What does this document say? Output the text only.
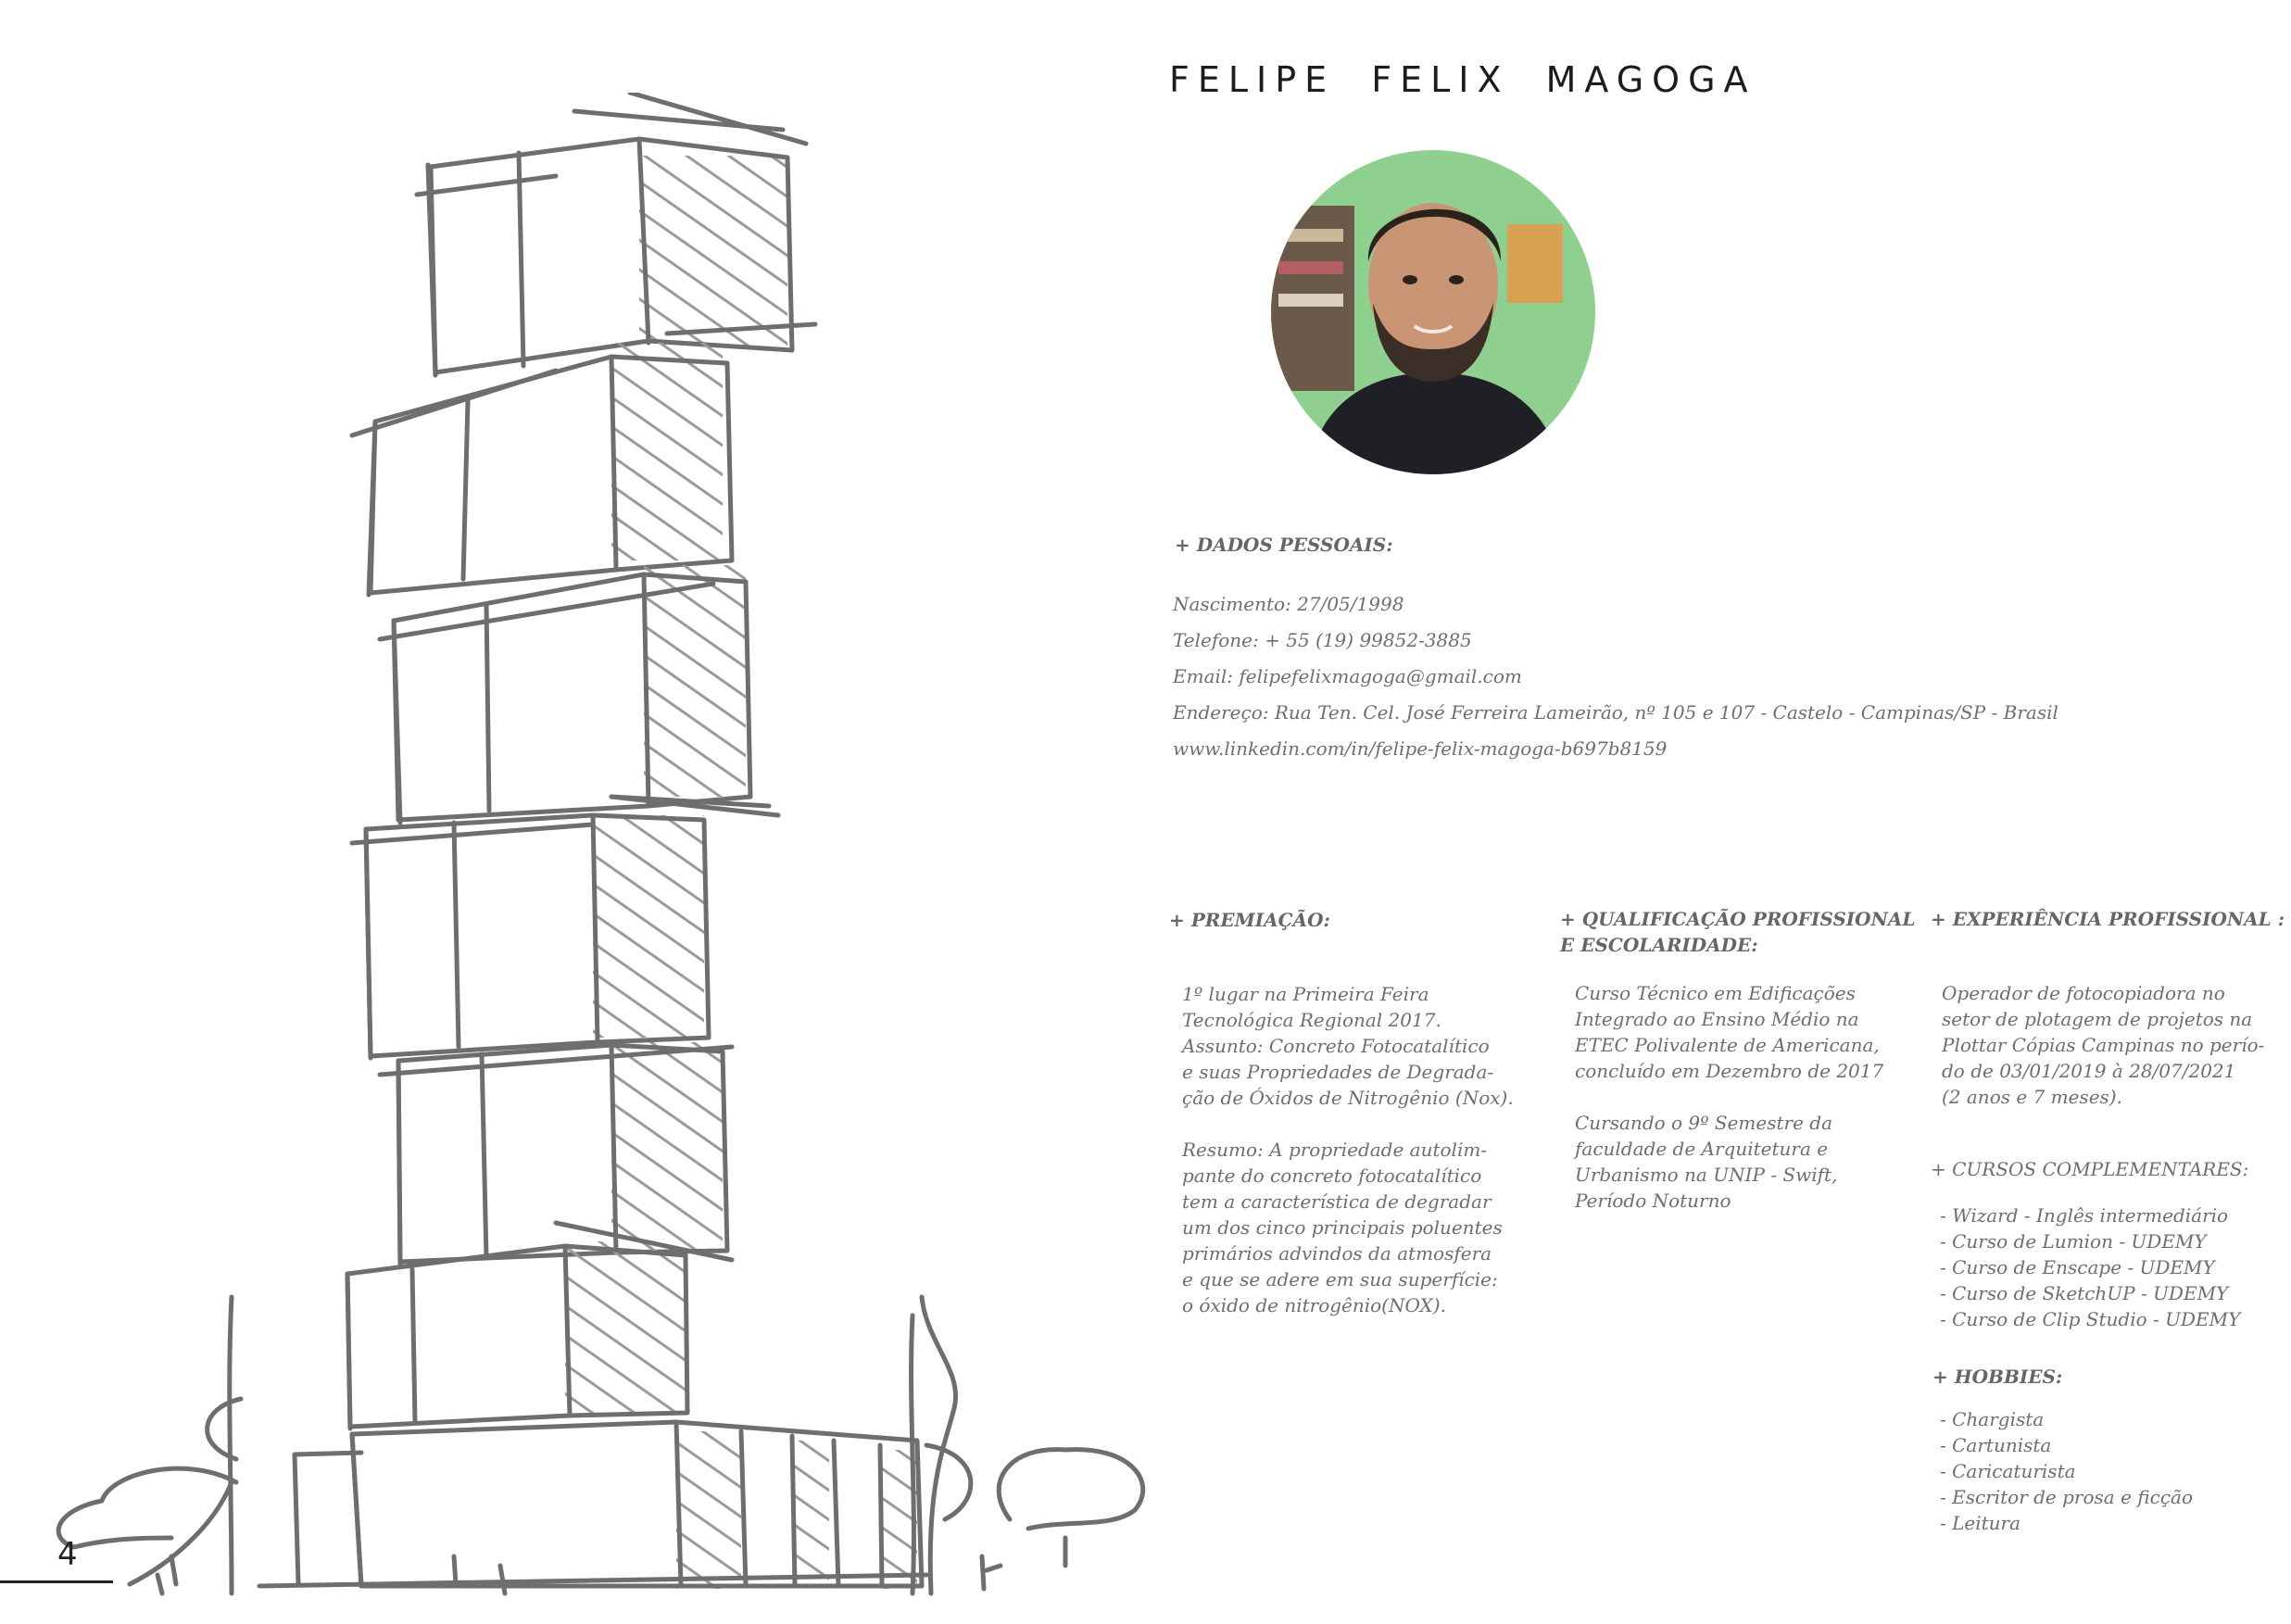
4
FELIPE FELIX MAGOGA
+ DADOS PESSOAIS:

Nascimento: 27/05/1998

Telefone: + 55 (19) 99852-3885

Email: felipefelixmagoga@gmail.com

Endereço: Rua Ten. Cel. José Ferreira Lameirão, nº 105 e 107 - Castelo - Campinas/SP - Brasil

www.linkedin.com/in/felipe-felix-magoga-b697b8159

+ PREMIAÇÃO:

1º lugar na Primeira Feira

Tecnológica Regional 2017.

Assunto: Concreto Fotocatalítico

e suas Propriedades de Degrada-

ção de Óxidos de Nitrogênio (Nox).

Resumo: A propriedade autolim-

pante do concreto fotocatalítico

tem a característica de degradar

um dos cinco principais poluentes

primários advindos da atmosfera

e que se adere em sua superfície:

o óxido de nitrogênio(NOX).

+ QUALIFICAÇÃO PROFISSIONAL
E ESCOLARIDADE:

Curso Técnico em Edificações

Integrado ao Ensino Médio na

ETEC Polivalente de Americana,

concluído em Dezembro de 2017

Cursando o 9º Semestre da

faculdade de Arquitetura e

Urbanismo na UNIP - Swift,

Período Noturno

+ EXPERIÊNCIA PROFISSIONAL :

Operador de fotocopiadora no

setor de plotagem de projetos na

Plottar Cópias Campinas no perío-

do de 03/01/2019 à 28/07/2021

(2 anos e 7 meses).

+ CURSOS COMPLEMENTARES:

- Wizard - Inglês intermediário

- Curso de Lumion - UDEMY

- Curso de Enscape - UDEMY

- Curso de SketchUP - UDEMY

- Curso de Clip Studio - UDEMY

+ HOBBIES:

- Chargista

- Cartunista

- Caricaturista

- Escritor de prosa e ficção

- Leitura
